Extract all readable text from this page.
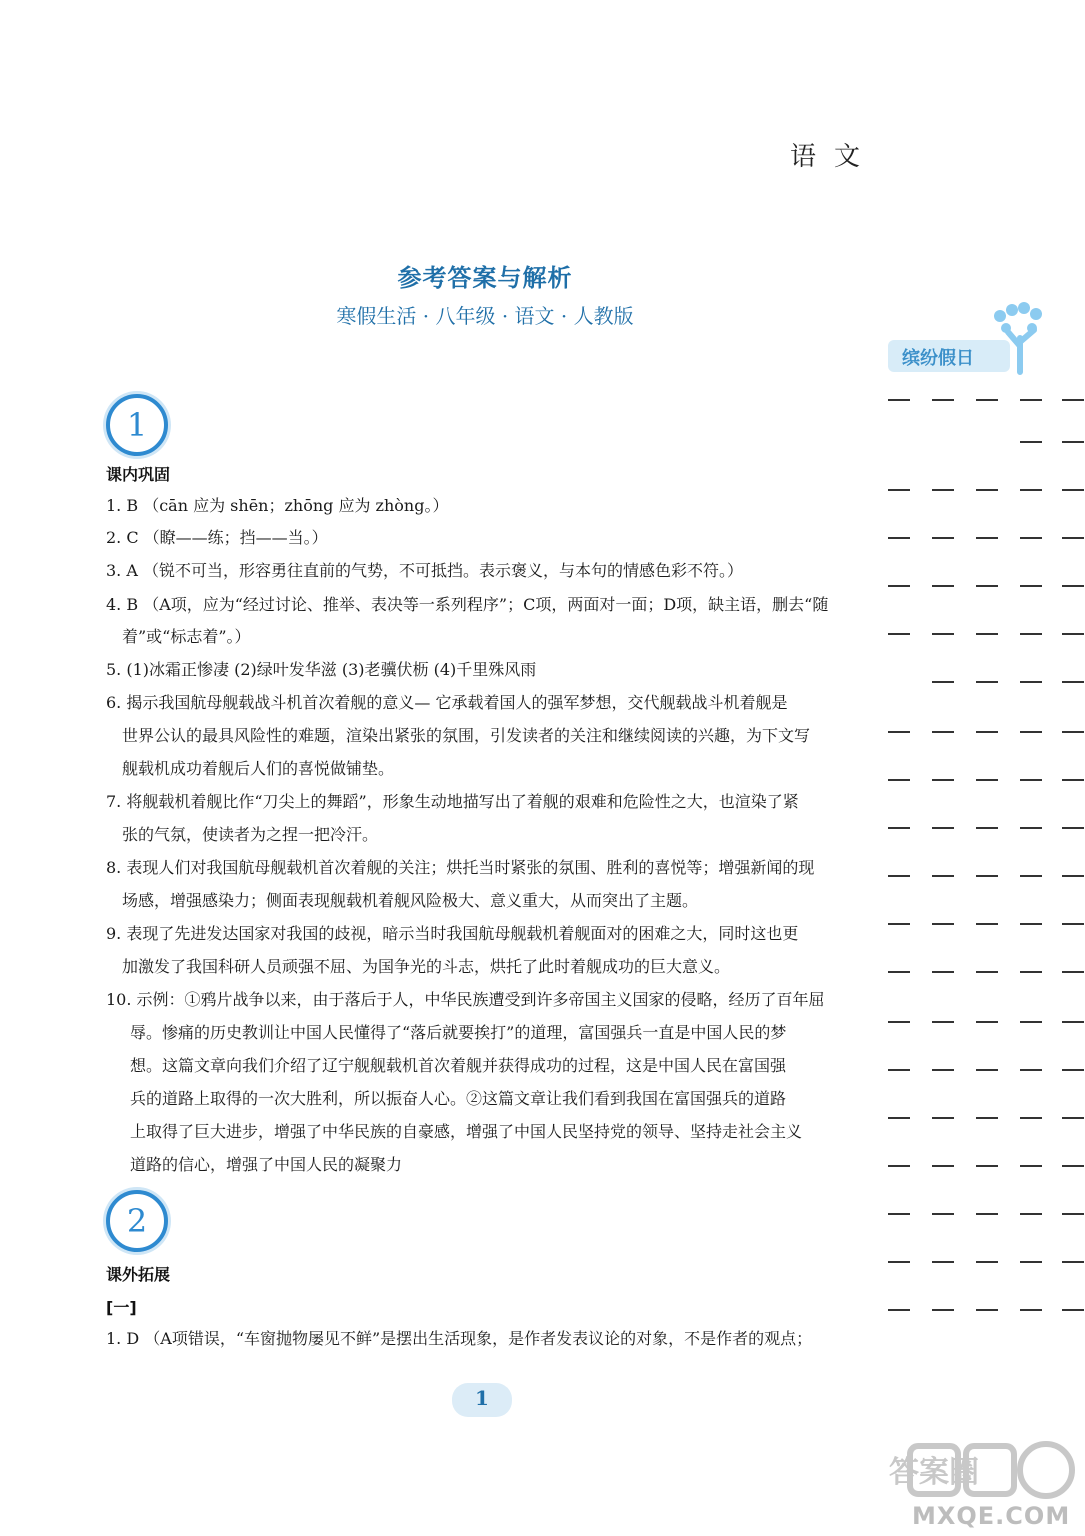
语文
参考答案与解析
寒假生活 · 八年级 · 语文 · 人教版
缤纷假日
1
课内巩固
1. B （cān 应为 shēn；zhōng 应为 zhòng。）
2. C （瞭——练；挡——当。）
3. A （锐不可当，形容勇往直前的气势，不可抵挡。表示褒义，与本句的情感色彩不符。）
4. B （A项，应为“经过讨论、推举、表决等一系列程序”；C项，两面对一面；D项，缺主语，删去“随
着”或“标志着”。）
5. (1)冰霜正惨凄 (2)绿叶发华滋 (3)老骥伏枥 (4)千里殊风雨
6. 揭示我国航母舰载战斗机首次着舰的意义— 它承载着国人的强军梦想，交代舰载战斗机着舰是
世界公认的最具风险性的难题，渲染出紧张的氛围，引发读者的关注和继续阅读的兴趣，为下文写
舰载机成功着舰后人们的喜悦做铺垫。
7. 将舰载机着舰比作“刀尖上的舞蹈”，形象生动地描写出了着舰的艰难和危险性之大，也渲染了紧
张的气氛，使读者为之捏一把冷汗。
8. 表现人们对我国航母舰载机首次着舰的关注；烘托当时紧张的氛围、胜利的喜悦等；增强新闻的现
场感，增强感染力；侧面表现舰载机着舰风险极大、意义重大，从而突出了主题。
9. 表现了先进发达国家对我国的歧视，暗示当时我国航母舰载机着舰面对的困难之大，同时这也更
加激发了我国科研人员顽强不屈、为国争光的斗志，烘托了此时着舰成功的巨大意义。
10. 示例：①鸦片战争以来，由于落后于人，中华民族遭受到许多帝国主义国家的侵略，经历了百年屈
辱。惨痛的历史教训让中国人民懂得了“落后就要挨打”的道理，富国强兵一直是中国人民的梦
想。这篇文章向我们介绍了辽宁舰舰载机首次着舰并获得成功的过程，这是中国人民在富国强
兵的道路上取得的一次大胜利，所以振奋人心。②这篇文章让我们看到我国在富国强兵的道路
上取得了巨大进步，增强了中华民族的自豪感，增强了中国人民坚持党的领导、坚持走社会主义
道路的信心，增强了中国人民的凝聚力
2
课外拓展
[一]
1. D （A项错误，“车窗抛物屡见不鲜”是摆出生活现象，是作者发表议论的对象，不是作者的观点；
1
答案圈
MXQE.COM
